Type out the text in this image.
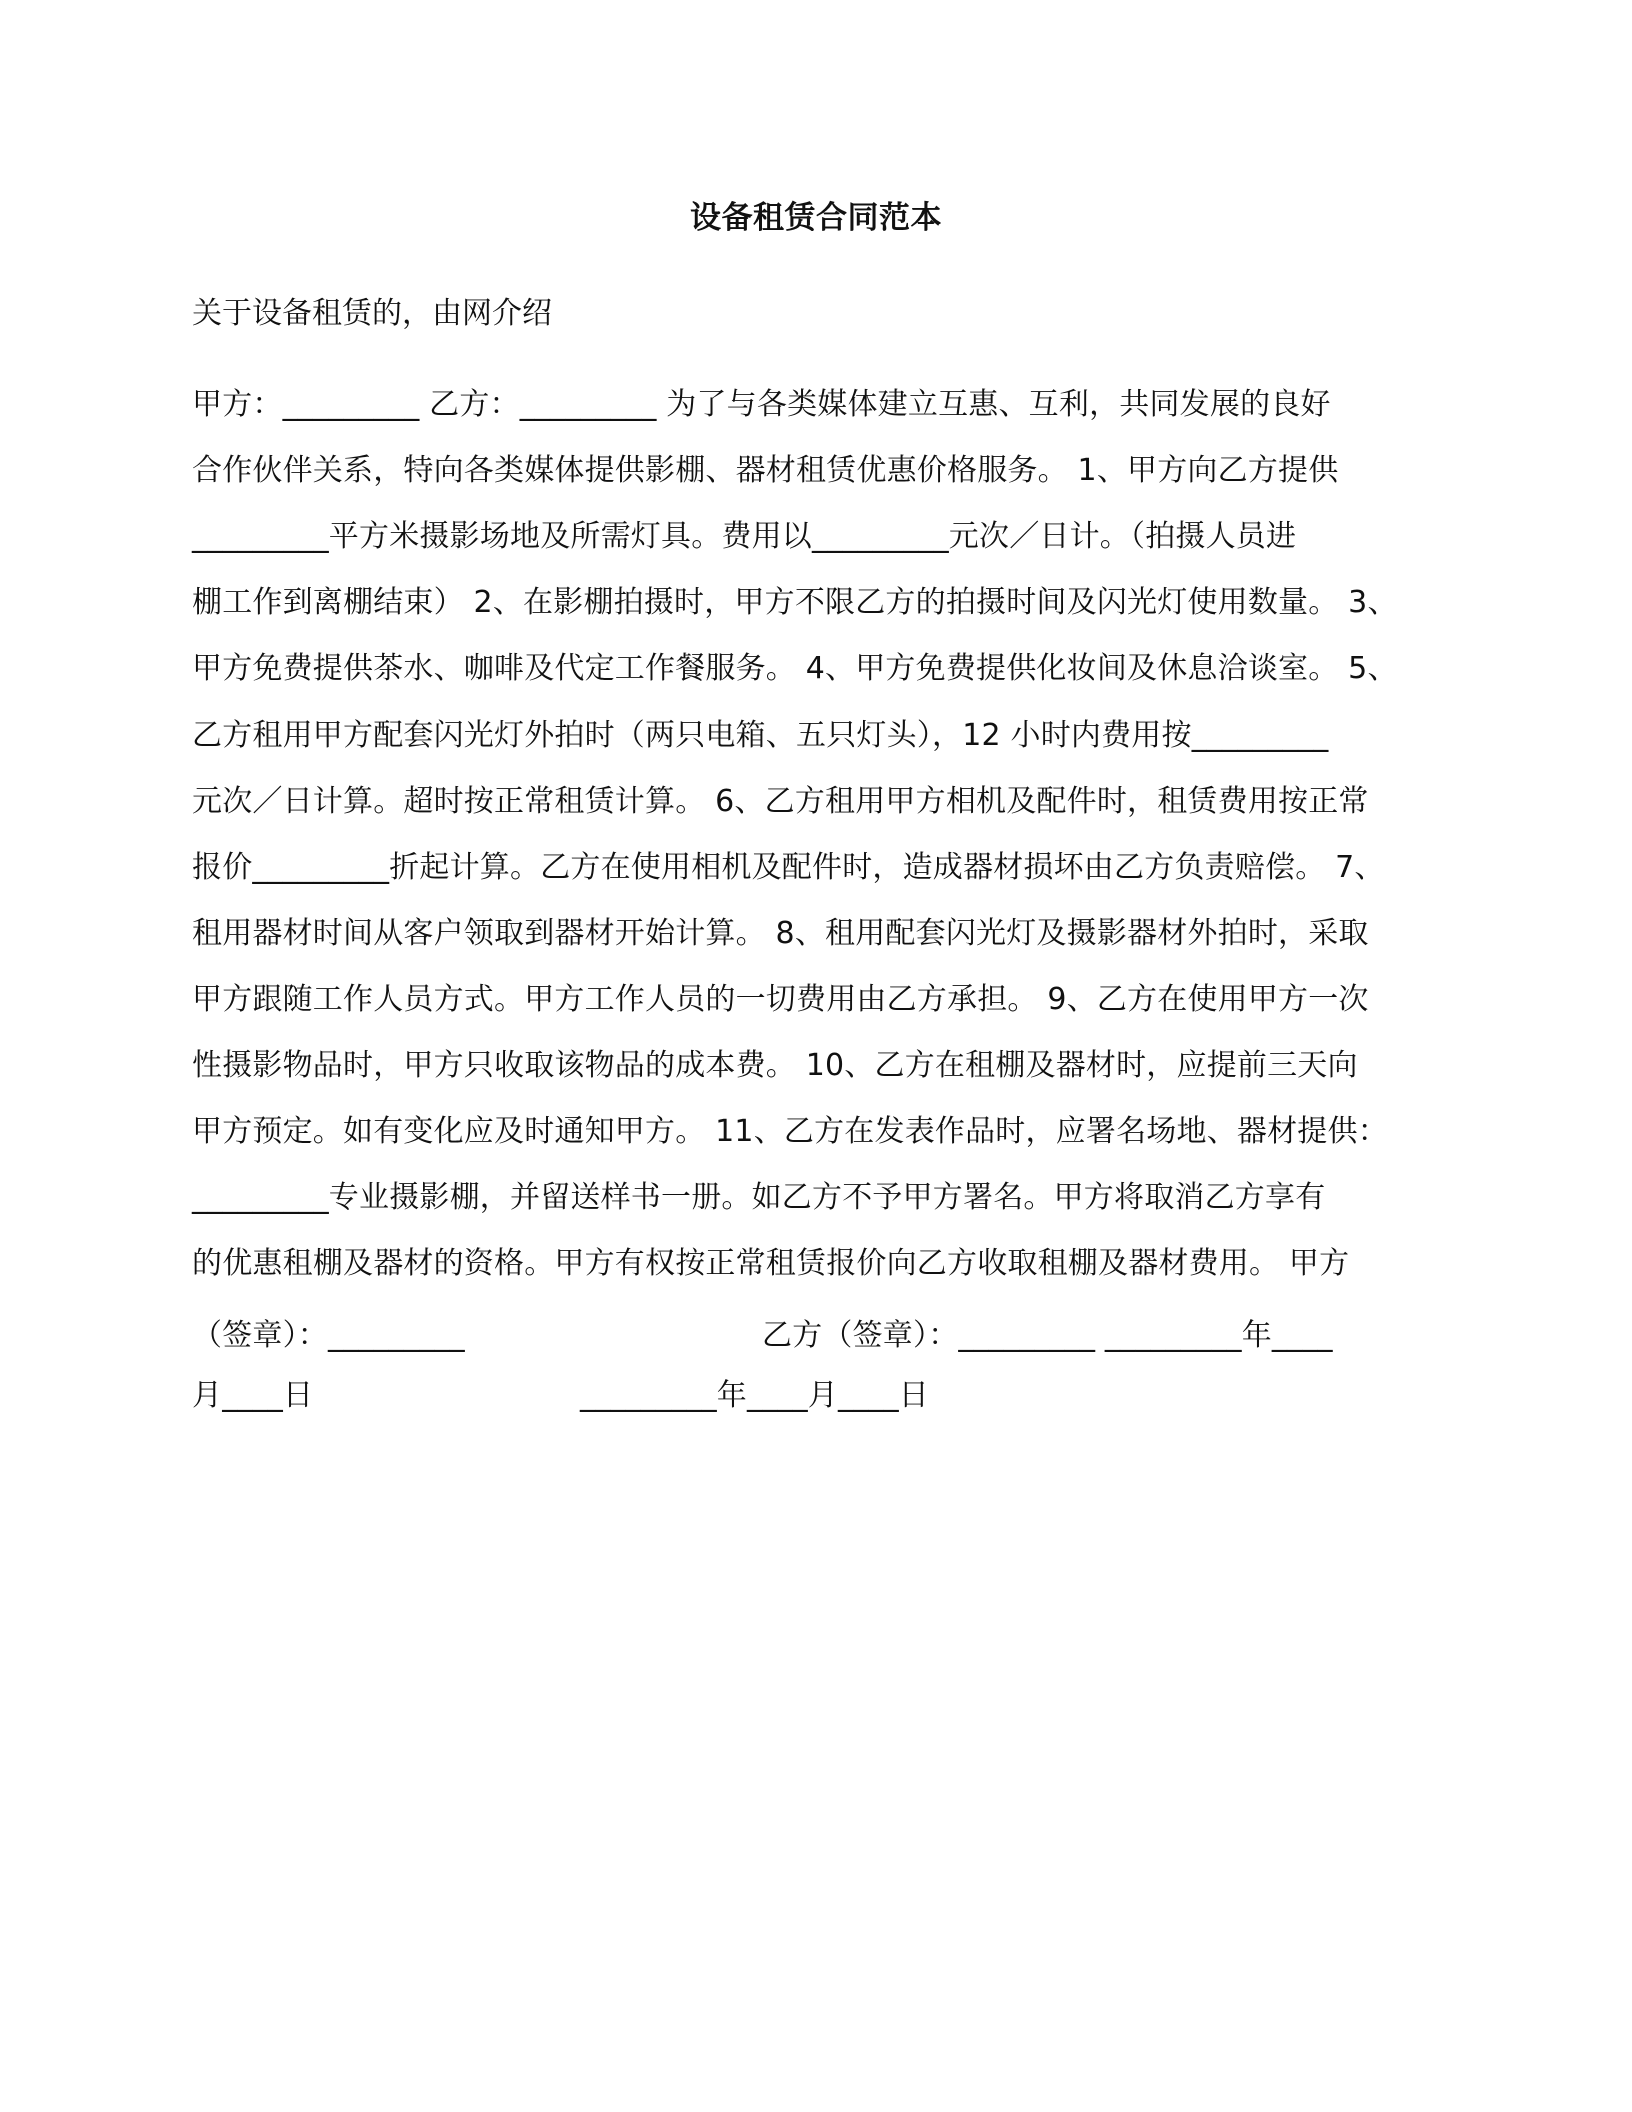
设备租赁合同范本
关于设备租赁的，由网介绍
甲方：_________ 乙方：_________ 为了与各类媒体建立互惠、互利，共同发展的良好
合作伙伴关系，特向各类媒体提供影棚、器材租赁优惠价格服务。 1、甲方向乙方提供
_________平方米摄影场地及所需灯具。费用以_________元次／日计。（拍摄人员进
棚工作到离棚结束） 2、在影棚拍摄时，甲方不限乙方的拍摄时间及闪光灯使用数量。 3、
甲方免费提供茶水、咖啡及代定工作餐服务。 4、甲方免费提供化妆间及休息洽谈室。 5、
乙方租用甲方配套闪光灯外拍时（两只电箱、五只灯头），12 小时内费用按_________
元次／日计算。超时按正常租赁计算。 6、乙方租用甲方相机及配件时，租赁费用按正常
报价_________折起计算。乙方在使用相机及配件时，造成器材损坏由乙方负责赔偿。 7、
租用器材时间从客户领取到器材开始计算。 8、租用配套闪光灯及摄影器材外拍时，采取
甲方跟随工作人员方式。甲方工作人员的一切费用由乙方承担。 9、乙方在使用甲方一次
性摄影物品时，甲方只收取该物品的成本费。 10、乙方在租棚及器材时，应提前三天向
甲方预定。如有变化应及时通知甲方。 11、乙方在发表作品时，应署名场地、器材提供：
_________专业摄影棚，并留送样书一册。如乙方不予甲方署名。甲方将取消乙方享有
的优惠租棚及器材的资格。甲方有权按正常租赁报价向乙方收取租棚及器材费用。 甲方
（签章）：_________	乙方（签章）：_________ _________年____
月____日	_________年____月____日
